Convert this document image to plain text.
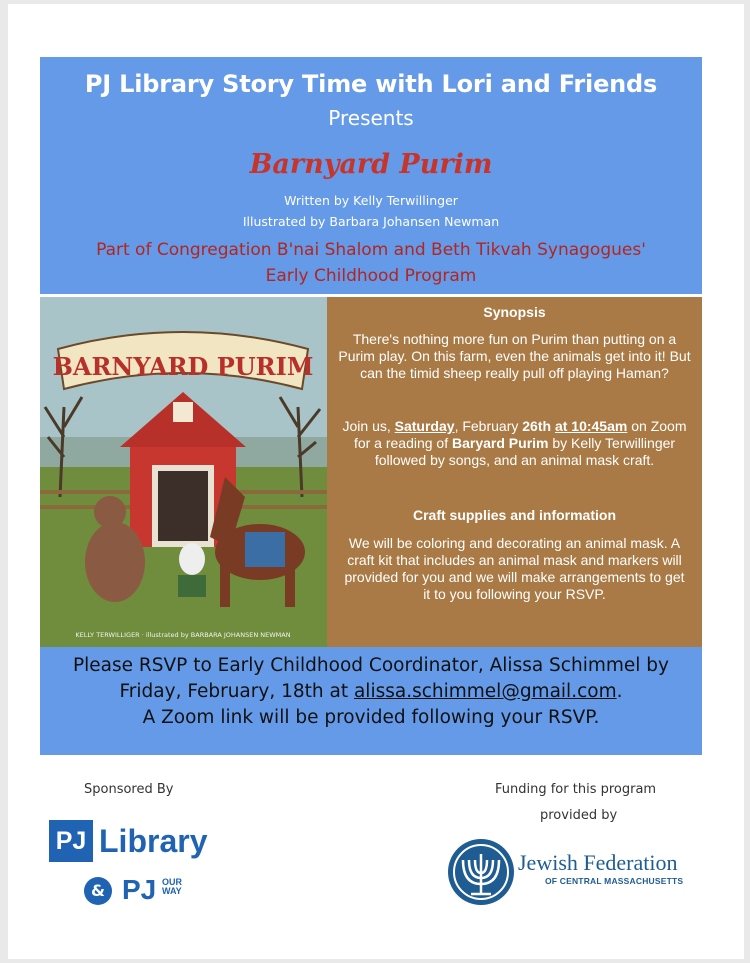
PJ Library Story Time with Lori and Friends
Presents
Barnyard Purim
Written by Kelly Terwillinger
Illustrated by Barbara Johansen Newman
Part of Congregation B'nai Shalom and Beth Tikvah Synagogues'
Early Childhood Program
BARNYARD PURIM
KELLY TERWILLIGER · illustrated by BARBARA JOHANSEN NEWMAN
Synopsis
There's nothing more fun on Purim than putting on a Purim play. On this farm, even the animals get into it! But can the timid sheep really pull off playing Haman?
Join us, Saturday, February 26th at 10:45am on Zoom for a reading of Baryard Purim by Kelly Terwillinger followed by songs, and an animal mask craft.
Craft supplies and information
We will be coloring and decorating an animal mask. A craft kit that includes an animal mask and markers will provided for you and we will make arrangements to get it to you following your RSVP.
Please RSVP to Early Childhood Coordinator, Alissa Schimmel by
Friday, February, 18th at alissa.schimmel@gmail.com.
A Zoom link will be provided following your RSVP.
Sponsored By	Funding for this program
provided by
PJ Library
& PJ OUR
WAY
Jewish Federation
OF CENTRAL MASSACHUSETTS
